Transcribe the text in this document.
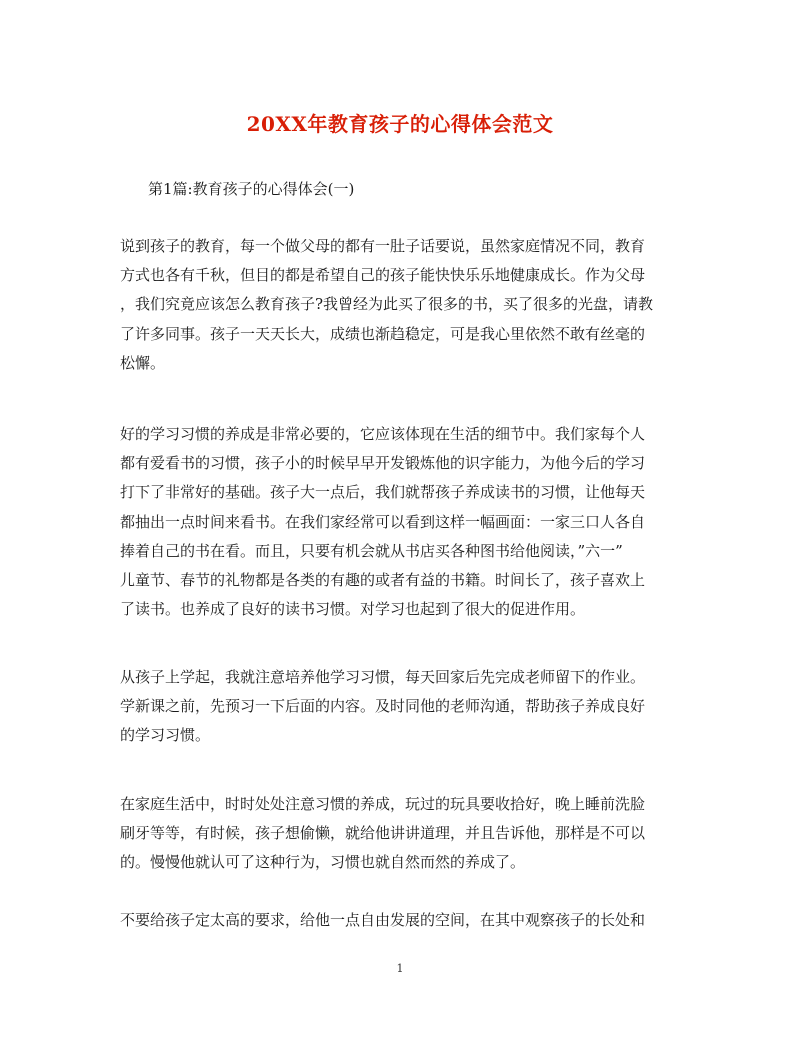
20XX年教育孩子的心得体会范文
第1篇:教育孩子的心得体会(一)
说到孩子的教育，每一个做父母的都有一肚子话要说，虽然家庭情况不同，教育
方式也各有千秋，但目的都是希望自己的孩子能快快乐乐地健康成长。作为父母
，我们究竟应该怎么教育孩子?我曾经为此买了很多的书，买了很多的光盘，请教
了许多同事。孩子一天天长大，成绩也渐趋稳定，可是我心里依然不敢有丝毫的
松懈。
好的学习习惯的养成是非常必要的，它应该体现在生活的细节中。我们家每个人
都有爱看书的习惯，孩子小的时候早早开发锻炼他的识字能力，为他今后的学习
打下了非常好的基础。孩子大一点后，我们就帮孩子养成读书的习惯，让他每天
都抽出一点时间来看书。在我们家经常可以看到这样一幅画面：一家三口人各自
捧着自己的书在看。而且，只要有机会就从书店买各种图书给他阅读，”六一”
儿童节、春节的礼物都是各类的有趣的或者有益的书籍。时间长了，孩子喜欢上
了读书。也养成了良好的读书习惯。对学习也起到了很大的促进作用。
从孩子上学起，我就注意培养他学习习惯，每天回家后先完成老师留下的作业。
学新课之前，先预习一下后面的内容。及时同他的老师沟通，帮助孩子养成良好
的学习习惯。
在家庭生活中，时时处处注意习惯的养成，玩过的玩具要收拾好，晚上睡前洗脸
刷牙等等，有时候，孩子想偷懒，就给他讲讲道理，并且告诉他，那样是不可以
的。慢慢他就认可了这种行为，习惯也就自然而然的养成了。
不要给孩子定太高的要求，给他一点自由发展的空间，在其中观察孩子的长处和
1
